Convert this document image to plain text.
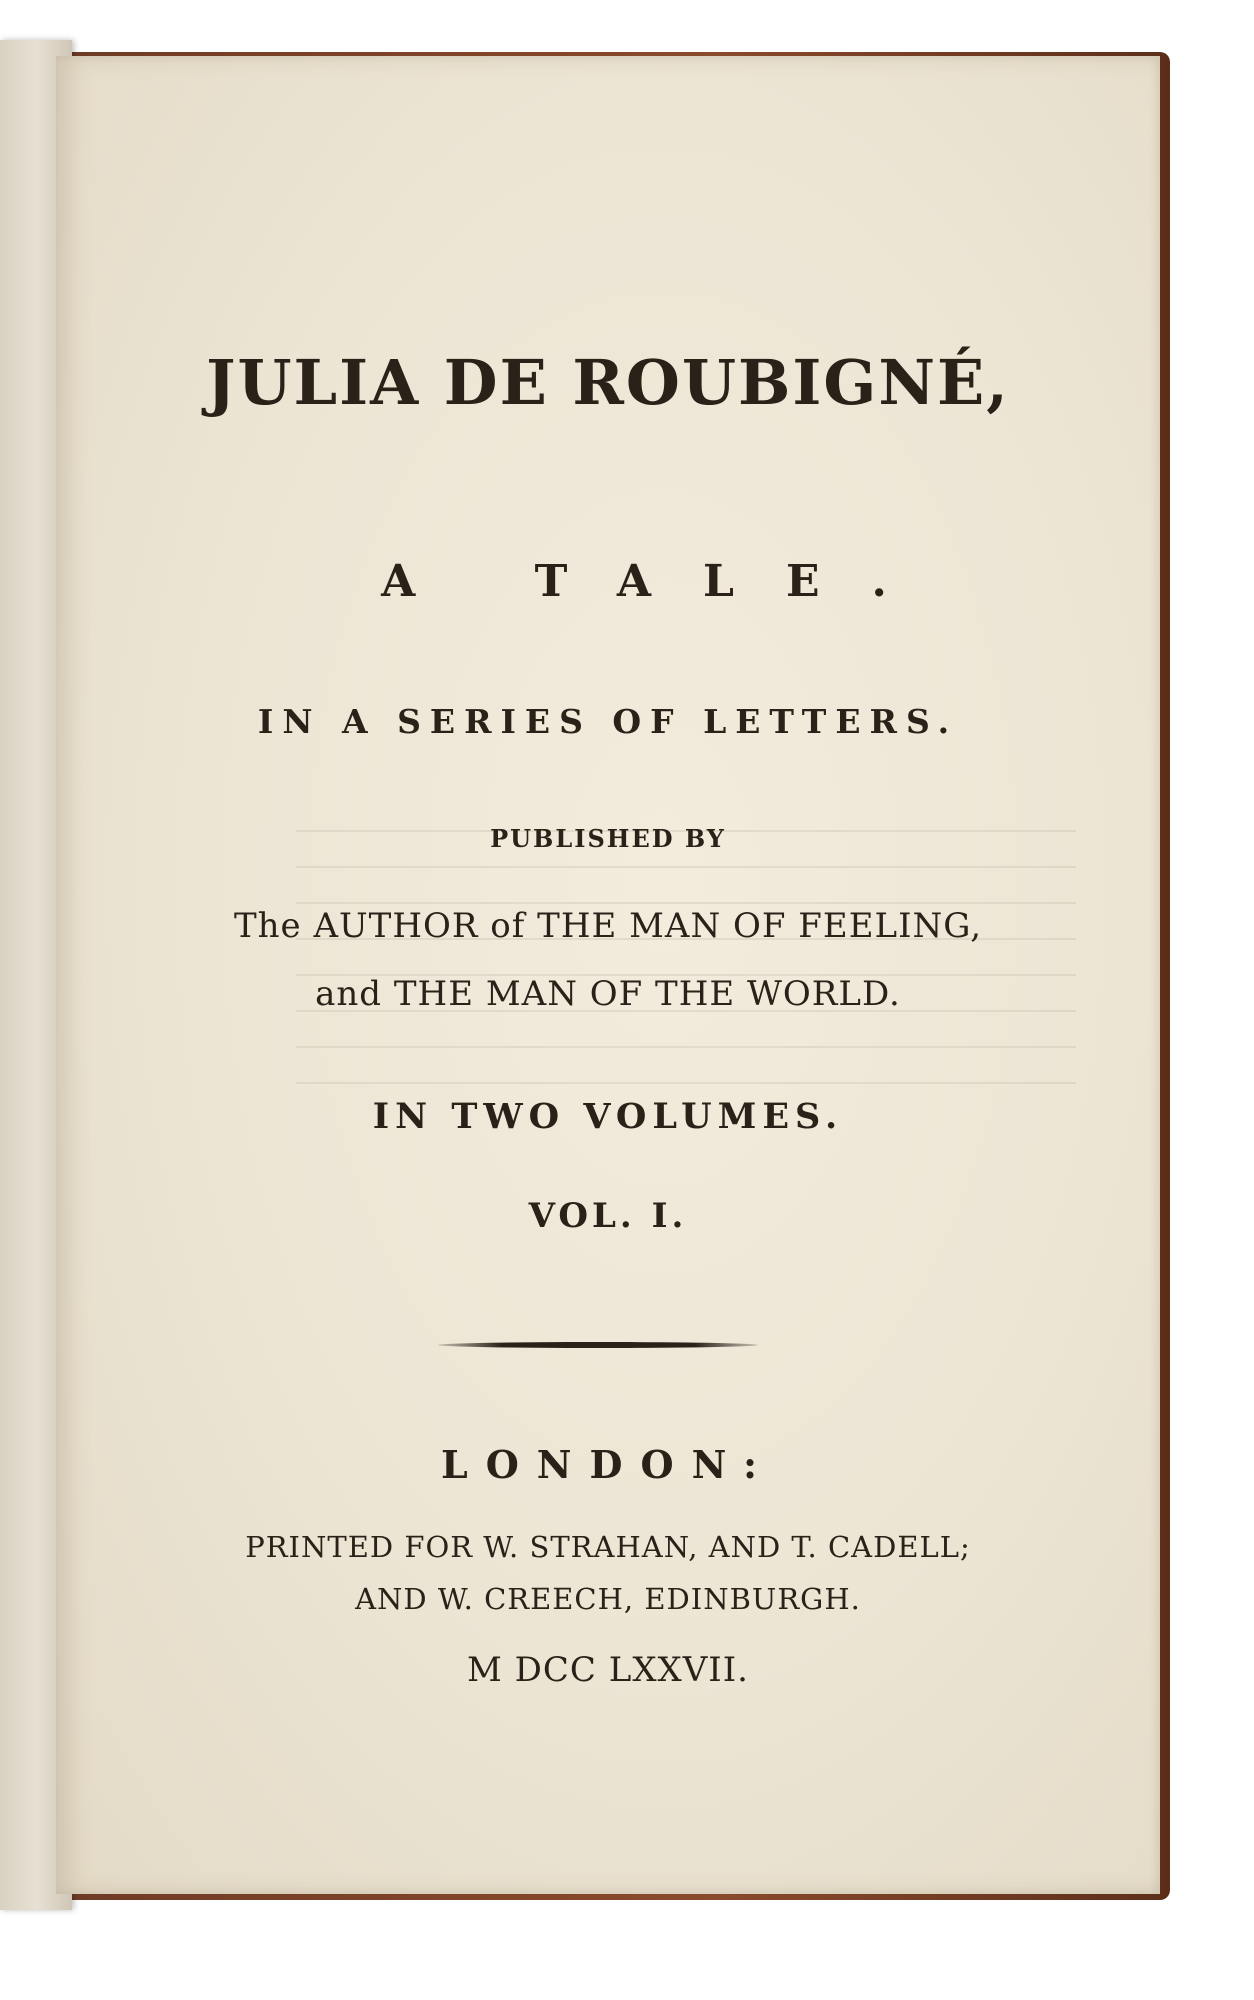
JULIA DE ROUBIGNÉ,
A TALE.
IN A SERIES OF LETTERS.
PUBLISHED BY
The AUTHOR of THE MAN OF FEELING,
and THE MAN OF THE WORLD.
IN TWO VOLUMES.
VOL. I.
LONDON:
PRINTED FOR W. STRAHAN, AND T. CADELL;
AND W. CREECH, EDINBURGH.
M DCC LXXVII.
